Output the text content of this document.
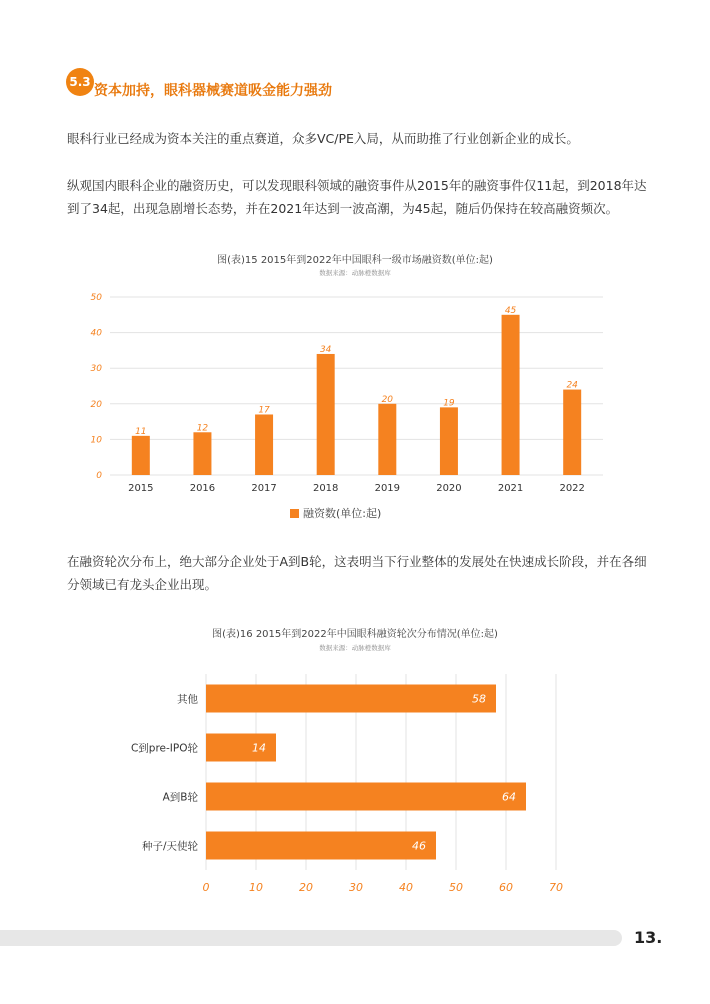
5.3
资本加持，眼科器械赛道吸金能力强劲

眼科行业已经成为资本关注的重点赛道，众多VC/PE入局，从而助推了行业创新企业的成长。

纵观国内眼科企业的融资历史，可以发现眼科领域的融资事件从2015年的融资事件仅11起，到2018年达到了34起，出现急剧增长态势，并在2021年达到一波高潮，为45起，随后仍保持在较高融资频次。

图(表)15 2015年到2022年中国眼科一级市场融资数(单位:起)
数据来源：动脉橙数据库
0
10
20
30
40
50
11
2015
12
2016
17
2017
34
2018
20
2019
19
2020
45
2021
24
2022
融资数(单位:起)

在融资轮次分布上，绝大部分企业处于A到B轮，这表明当下行业整体的发展处在快速成长阶段，并在各细分领域已有龙头企业出现。

图(表)16 2015年到2022年中国眼科融资轮次分布情况(单位:起)
数据来源：动脉橙数据库
0	10	20	30	40	50	60	70
58
其他
14
C到pre-IPO轮
64
A到B轮
46
种子/天使轮
13.
